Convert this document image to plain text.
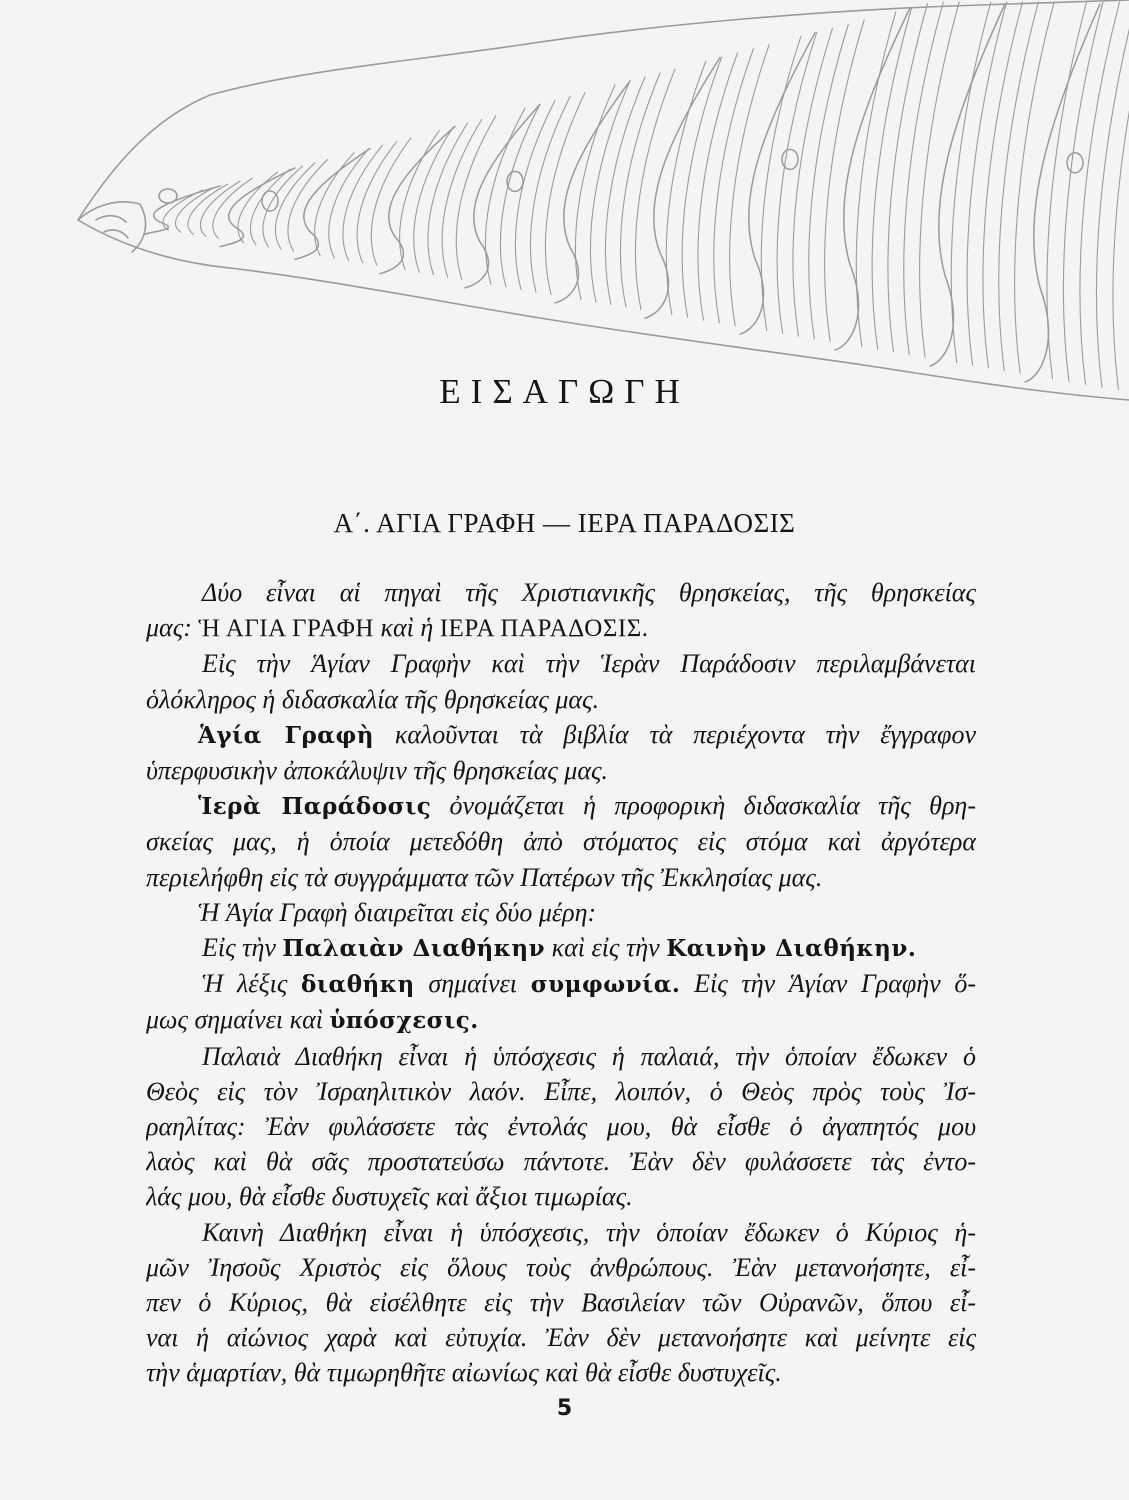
ΕΙΣΑΓΩΓΗ
Α΄. ΑΓΙΑ ΓΡΑΦΗ — ΙΕΡΑ ΠΑΡΑΔΟΣΙΣ
Δύο εἶναι αἱ πηγαὶ τῆς Χριστιανικῆς θρησκείας, τῆς θρησκείας
μας: Ἡ ΑΓΙΑ ΓΡΑΦΗ καὶ ἡ ΙΕΡΑ ΠΑΡΑΔΟΣΙΣ.
Εἰς τὴν Ἁγίαν Γραφὴν καὶ τὴν Ἱερὰν Παράδοσιν περιλαμβάνεται
ὁλόκληρος ἡ διδασκαλία τῆς θρησκείας μας.
Ἁγία Γραφὴ καλοῦνται τὰ βιβλία τὰ περιέχοντα τὴν ἔγγραφον
ὑπερφυσικὴν ἀποκάλυψιν τῆς θρησκείας μας.
Ἱερὰ Παράδοσις ὀνομάζεται ἡ προφορικὴ διδασκαλία τῆς θρη-
σκείας μας, ἡ ὁποία μετεδόθη ἀπὸ στόματος εἰς στόμα καὶ ἀργότερα
περιελήφθη εἰς τὰ συγγράμματα τῶν Πατέρων τῆς Ἐκκλησίας μας.
Ἡ Ἁγία Γραφὴ διαιρεῖται εἰς δύο μέρη:
Εἰς τὴν Παλαιὰν Διαθήκην καὶ εἰς τὴν Καινὴν Διαθήκην.
Ἡ λέξις διαθήκη σημαίνει συμφωνία. Εἰς τὴν Ἁγίαν Γραφὴν ὅ-
μως σημαίνει καὶ ὑπόσχεσις.
Παλαιὰ Διαθήκη εἶναι ἡ ὑπόσχεσις ἡ παλαιά, τὴν ὁποίαν ἔδωκεν ὁ
Θεὸς εἰς τὸν Ἰσραηλιτικὸν λαόν. Εἶπε, λοιπόν, ὁ Θεὸς πρὸς τοὺς Ἰσ-
ραηλίτας: Ἐὰν φυλάσσετε τὰς ἐντολάς μου, θὰ εἶσθε ὁ ἀγαπητός μου
λαὸς καὶ θὰ σᾶς προστατεύσω πάντοτε. Ἐὰν δὲν φυλάσσετε τὰς ἐντο-
λάς μου, θὰ εἶσθε δυστυχεῖς καὶ ἄξιοι τιμωρίας.
Καινὴ Διαθήκη εἶναι ἡ ὑπόσχεσις, τὴν ὁποίαν ἔδωκεν ὁ Κύριος ἡ-
μῶν Ἰησοῦς Χριστὸς εἰς ὅλους τοὺς ἀνθρώπους. Ἐὰν μετανοήσητε, εἶ-
πεν ὁ Κύριος, θὰ εἰσέλθητε εἰς τὴν Βασιλείαν τῶν Οὐρανῶν, ὅπου εἶ-
ναι ἡ αἰώνιος χαρὰ καὶ εὐτυχία. Ἐὰν δὲν μετανοήσητε καὶ μείνητε εἰς
τὴν ἁμαρτίαν, θὰ τιμωρηθῆτε αἰωνίως καὶ θὰ εἶσθε δυστυχεῖς.
5
